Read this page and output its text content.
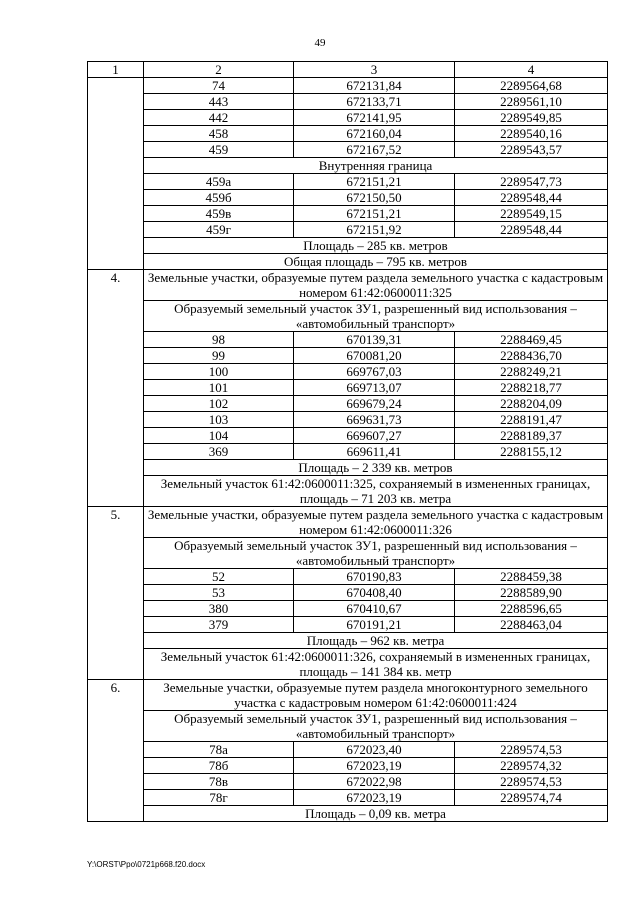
49
1	2	3	4
	74	672131,84	2289564,68
	443	672133,71	2289561,10
	442	672141,95	2289549,85
	458	672160,04	2289540,16
	459	672167,52	2289543,57
	Внутренняя граница		
	459а	672151,21	2289547,73
	459б	672150,50	2289548,44
	459в	672151,21	2289549,15
	459г	672151,92	2289548,44
	Площадь – 285 кв. метров		
	Общая площадь – 795 кв. метров		
4.	Земельные участки, образуемые путем раздела земельного участка с кадастровым номером 61:42:0600011:325		
	Образуемый земельный участок ЗУ1, разрешенный вид использования – «автомобильный транспорт»		
	98	670139,31	2288469,45
	99	670081,20	2288436,70
	100	669767,03	2288249,21
	101	669713,07	2288218,77
	102	669679,24	2288204,09
	103	669631,73	2288191,47
	104	669607,27	2288189,37
	369	669611,41	2288155,12
	Площадь – 2 339 кв. метров		
	Земельный участок 61:42:0600011:325, сохраняемый в измененных границах, площадь – 71 203 кв. метра		
5.	Земельные участки, образуемые путем раздела земельного участка с кадастровым номером 61:42:0600011:326		
	Образуемый земельный участок ЗУ1, разрешенный вид использования – «автомобильный транспорт»		
	52	670190,83	2288459,38
	53	670408,40	2288589,90
	380	670410,67	2288596,65
	379	670191,21	2288463,04
	Площадь – 962 кв. метра		
	Земельный участок 61:42:0600011:326, сохраняемый в измененных границах, площадь – 141 384 кв. метр		
6.	Земельные участки, образуемые путем раздела многоконтурного земельного участка с кадастровым номером 61:42:0600011:424		
	Образуемый земельный участок ЗУ1, разрешенный вид использования – «автомобильный транспорт»		
	78а	672023,40	2289574,53
	78б	672023,19	2289574,32
	78в	672022,98	2289574,53
	78г	672023,19	2289574,74
	Площадь – 0,09 кв. метра		
Y:\ORST\Ppo\0721p668.f20.docx
